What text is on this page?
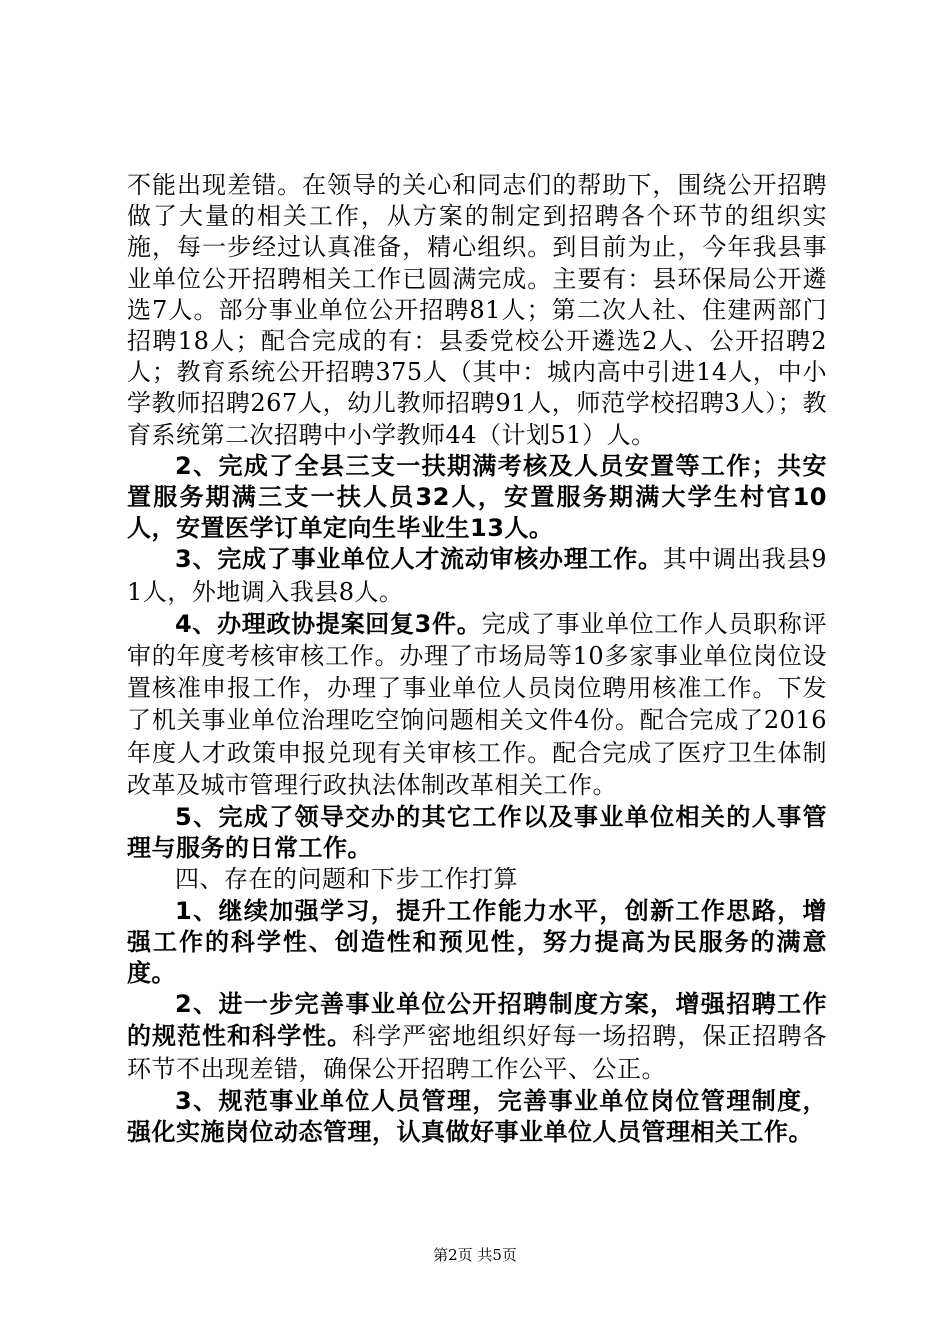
不能出现差错。在领导的关心和同志们的帮助下，围绕公开招聘做了大量的相关工作，从方案的制定到招聘各个环节的组织实施，每一步经过认真准备，精心组织。到目前为止，今年我县事业单位公开招聘相关工作已圆满完成。主要有：县环保局公开遴选7人。部分事业单位公开招聘81人；第二次人社、住建两部门招聘18人；配合完成的有：县委党校公开遴选2人、公开招聘2人；教育系统公开招聘375人（其中：城内高中引进14人，中小学教师招聘267人，幼儿教师招聘91人，师范学校招聘3人）；教育系统第二次招聘中小学教师44（计划51）人。

2、完成了全县三支一扶期满考核及人员安置等工作；共安置服务期满三支一扶人员32人，安置服务期满大学生村官10人，安置医学订单定向生毕业生13人。

3、完成了事业单位人才流动审核办理工作。其中调出我县91人，外地调入我县8人。

4、办理政协提案回复3件。完成了事业单位工作人员职称评审的年度考核审核工作。办理了市场局等10多家事业单位岗位设置核准申报工作，办理了事业单位人员岗位聘用核准工作。下发了机关事业单位治理吃空饷问题相关文件4份。配合完成了2016年度人才政策申报兑现有关审核工作。配合完成了医疗卫生体制改革及城市管理行政执法体制改革相关工作。

5、完成了领导交办的其它工作以及事业单位相关的人事管理与服务的日常工作。

四、存在的问题和下步工作打算

1、继续加强学习，提升工作能力水平，创新工作思路，增强工作的科学性、创造性和预见性，努力提高为民服务的满意度。

2、进一步完善事业单位公开招聘制度方案，增强招聘工作的规范性和科学性。科学严密地组织好每一场招聘，保正招聘各环节不出现差错，确保公开招聘工作公平、公正。

3、规范事业单位人员管理，完善事业单位岗位管理制度，强化实施岗位动态管理，认真做好事业单位人员管理相关工作。

第2页 共5页
